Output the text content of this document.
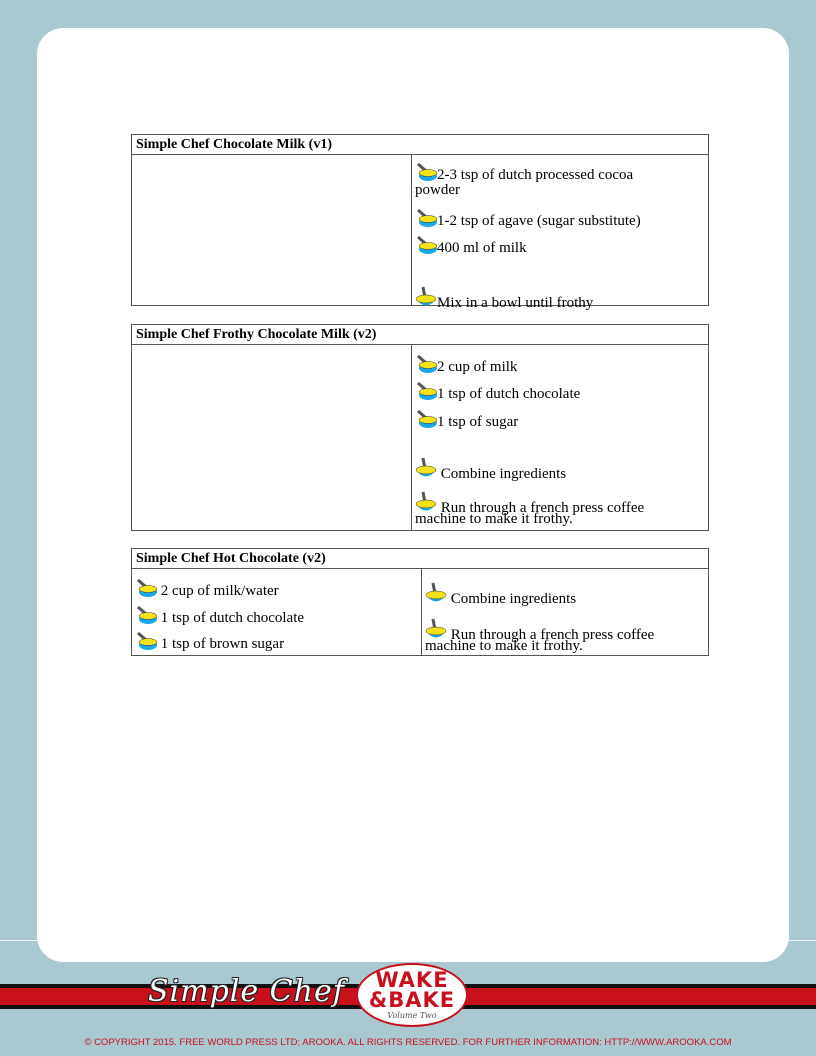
Simple Chef Chocolate Milk (v1)
2-3 tsp of dutch processed cocoa
powder
1-2 tsp of agave (sugar substitute)
400 ml of milk
Mix in a bowl until frothy
Simple Chef Frothy Chocolate Milk (v2)
2 cup of milk
1 tsp of dutch chocolate
1 tsp of sugar
Combine ingredients
Run through a french press coffee
machine to make it frothy.
Simple Chef Hot Chocolate (v2)
2 cup of milk/water
1 tsp of dutch chocolate
1 tsp of brown sugar
Combine ingredients
Run through a french press coffee
machine to make it frothy.
Simple Chef	WAKE
&BAKE
Volume Two
© COPYRIGHT 2015. FREE WORLD PRESS LTD; AROOKA. ALL RIGHTS RESERVED. FOR FURTHER INFORMATION: HTTP://WWW.AROOKA.COM
